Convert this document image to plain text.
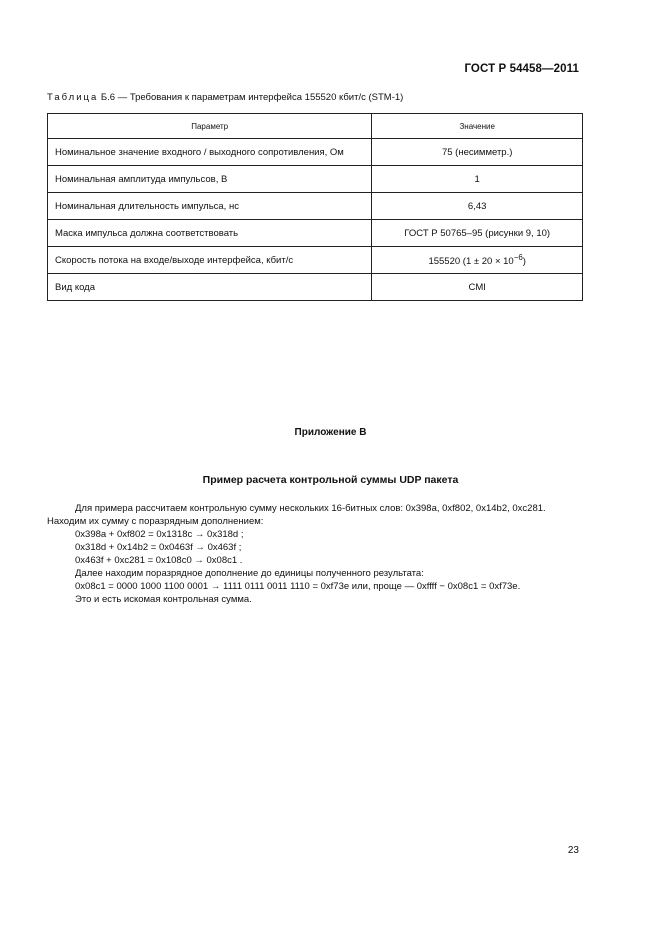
ГОСТ Р 54458—2011
Таблица Б.6 — Требования к параметрам интерфейса 155520 кбит/с (STM-1)
Параметр	Значение
Номинальное значение входного / выходного сопротивления, Ом	75 (несимметр.)
Номинальная амплитуда импульсов, В	1
Номинальная длительность импульса, нс	6,43
Маска импульса должна соответствовать	ГОСТ Р 50765–95 (рисунки 9, 10)
Скорость потока на входе/выходе интерфейса, кбит/с	155520 $(1 \pm 20 \times 10^{-6})$
Вид кода	CMI
Приложение В
Пример расчета контрольной суммы UDP пакета

Для примера рассчитаем контрольную сумму нескольких 16-битных слов: 0x398a, 0xf802, 0x14b2, 0xc281.

Находим их сумму с поразрядным дополнением:

0x398a + 0xf802 = 0x1318c → 0x318d ;

0x318d + 0x14b2 = 0x0463f → 0x463f ;

0x463f + 0xc281 = 0x108c0 → 0x08c1 .

Далее находим поразрядное дополнение до единицы полученного результата:

0x08c1 = 0000 1000 1100 0001 → 1111 0111 0011 1110 = 0xf73e или, проще — 0xffff − 0x08c1 = 0xf73e.

Это и есть искомая контрольная сумма.

23
